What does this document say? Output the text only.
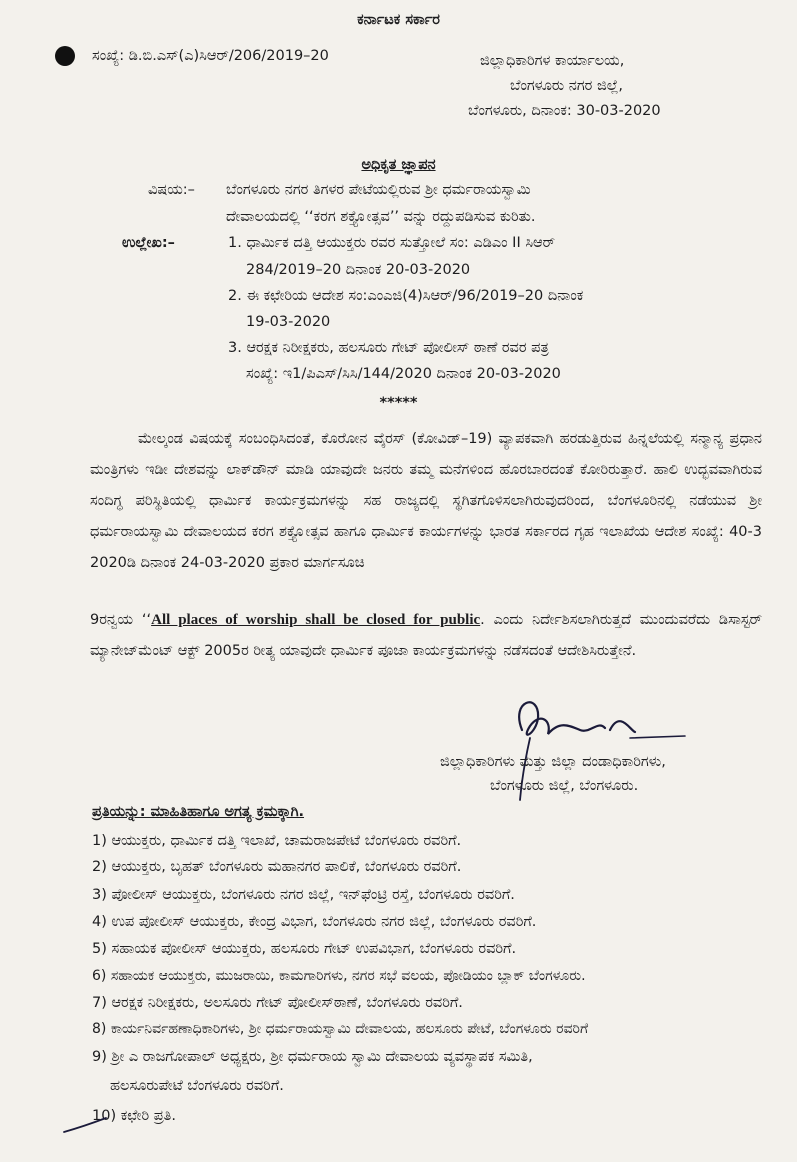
ಕರ್ನಾಟಕ ಸರ್ಕಾರ
ಸಂಖ್ಯೆ: ಡಿ.ಬಿ.ಎಸ್(ಎ)ಸಿಆರ್/206/2019–20	ಜಿಲ್ಲಾಧಿಕಾರಿಗಳ ಕಾರ್ಯಾಲಯ,
ಬೆಂಗಳೂರು ನಗರ ಜಿಲ್ಲೆ,
ಬೆಂಗಳೂರು, ದಿನಾಂಕ: 30-03-2020
ಅಧಿಕೃತ ಜ್ಞಾಪನ
ವಿಷಯ:– ಬೆಂಗಳೂರು ನಗರ ತಿಗಳರ ಪೇಟೆಯಲ್ಲಿರುವ ಶ್ರೀ ಧರ್ಮರಾಯಸ್ವಾಮಿ
ದೇವಾಲಯದಲ್ಲಿ ‘‘ಕರಗ ಶಕ್ತ್ಯೋತ್ಸವ’’ ವನ್ನು ರದ್ದುಪಡಿಸುವ ಕುರಿತು.
ಉಲ್ಲೇಖ:–	1. ಧಾರ್ಮಿಕ ದತ್ತಿ ಆಯುಕ್ತರು ರವರ ಸುತ್ತೋಲೆ ಸಂ: ಎಡಿಎಂ II ಸಿಆರ್
284/2019–20 ದಿನಾಂಕ 20-03-2020
2. ಈ ಕಛೇರಿಯ ಆದೇಶ ಸಂ:ಎಂಎಜಿ(4)ಸಿಆರ್/96/2019–20 ದಿನಾಂಕ
19-03-2020
3. ಆರಕ್ಷಕ ನಿರೀಕ್ಷಕರು, ಹಲಸೂರು ಗೇಟ್ ಪೋಲೀಸ್ ಠಾಣೆ ರವರ ಪತ್ರ
ಸಂಖ್ಯೆ: ಇ1/ಪಿಎಸ್/ಸಿಸಿ/144/2020 ದಿನಾಂಕ 20-03-2020
*****
ಮೇಲ್ಕಂಡ ವಿಷಯಕ್ಕೆ ಸಂಬಂಧಿಸಿದಂತೆ, ಕೊರೋನ ವೈರಸ್ (ಕೋವಿಡ್–19) ವ್ಯಾಪಕವಾಗಿ ಹರಡುತ್ತಿರುವ ಹಿನ್ನಲೆಯಲ್ಲಿ ಸನ್ಮಾನ್ಯ ಪ್ರಧಾನ ಮಂತ್ರಿಗಳು ಇಡೀ ದೇಶವನ್ನು ಲಾಕ್‌ಡೌನ್ ಮಾಡಿ ಯಾವುದೇ ಜನರು ತಮ್ಮ ಮನೆಗಳಿಂದ ಹೊರಬಾರದಂತೆ ಕೋರಿರುತ್ತಾರೆ. ಹಾಲಿ ಉದ್ಭವವಾಗಿರುವ ಸಂದಿಗ್ಧ ಪರಿಸ್ಥಿತಿಯಲ್ಲಿ ಧಾರ್ಮಿಕ ಕಾರ್ಯಕ್ರಮಗಳನ್ನು ಸಹ ರಾಜ್ಯದಲ್ಲಿ ಸ್ಥಗಿತಗೊಳಿಸಲಾಗಿರುವುದರಿಂದ, ಬೆಂಗಳೂರಿನಲ್ಲಿ ನಡೆಯುವ ಶ್ರೀ ಧರ್ಮರಾಯಸ್ವಾಮಿ ದೇವಾಲಯದ ಕರಗ ಶಕ್ತ್ಯೋತ್ಸವ ಹಾಗೂ ಧಾರ್ಮಿಕ ಕಾರ್ಯಗಳನ್ನು ಭಾರತ ಸರ್ಕಾರದ ಗೃಹ ಇಲಾಖೆಯ ಆದೇಶ ಸಂಖ್ಯೆ: 40-3 2020ಡಿ ದಿನಾಂಕ 24-03-2020 ಪ್ರಕಾರ ಮಾರ್ಗಸೂಚಿ
9ರನ್ವಯ ‘‘All places of worship shall be closed for public. ಎಂದು ನಿರ್ದೇಶಿಸಲಾಗಿರುತ್ತದೆ ಮುಂದುವರೆದು ಡಿಸಾಸ್ಟರ್ ಮ್ಯಾನೇಜ್‌ಮೆಂಟ್ ಆಕ್ಟ್ 2005ರ ರೀತ್ಯ ಯಾವುದೇ ಧಾರ್ಮಿಕ ಪೂಜಾ ಕಾರ್ಯಕ್ರಮಗಳನ್ನು ನಡೆಸದಂತೆ ಆದೇಶಿಸಿರುತ್ತೇನೆ.
ಜಿಲ್ಲಾಧಿಕಾರಿಗಳು ಮತ್ತು ಜಿಲ್ಲಾ ದಂಡಾಧಿಕಾರಿಗಳು,
ಬೆಂಗಳೂರು ಜಿಲ್ಲೆ, ಬೆಂಗಳೂರು.
ಪ್ರತಿಯನ್ನು: ಮಾಹಿತಿಹಾಗೂ ಅಗತ್ಯ ಕ್ರಮಕ್ಕಾಗಿ.
1) ಆಯುಕ್ತರು, ಧಾರ್ಮಿಕ ದತ್ತಿ ಇಲಾಖೆ, ಚಾಮರಾಜಪೇಟೆ ಬೆಂಗಳೂರು ರವರಿಗೆ.
2) ಆಯುಕ್ತರು, ಬೃಹತ್ ಬೆಂಗಳೂರು ಮಹಾನಗರ ಪಾಲಿಕೆ, ಬೆಂಗಳೂರು ರವರಿಗೆ.
3) ಪೋಲೀಸ್ ಆಯುಕ್ತರು, ಬೆಂಗಳೂರು ನಗರ ಜಿಲ್ಲೆ, ಇನ್‌ಫೆಂಟ್ರಿ ರಸ್ತೆ, ಬೆಂಗಳೂರು ರವರಿಗೆ.
4) ಉಪ ಪೋಲೀಸ್ ಆಯುಕ್ತರು, ಕೇಂದ್ರ ವಿಭಾಗ, ಬೆಂಗಳೂರು ನಗರ ಜಿಲ್ಲೆ, ಬೆಂಗಳೂರು ರವರಿಗೆ.
5) ಸಹಾಯಕ ಪೋಲೀಸ್ ಆಯುಕ್ತರು, ಹಲಸೂರು ಗೇಟ್ ಉಪವಿಭಾಗ, ಬೆಂಗಳೂರು ರವರಿಗೆ.
6) ಸಹಾಯಕ ಆಯುಕ್ತರು, ಮುಜರಾಯಿ, ಕಾಮಗಾರಿಗಳು, ನಗರ ಸಭೆ ವಲಯ, ಪೋಡಿಯಂ ಬ್ಲಾಕ್ ಬೆಂಗಳೂರು.
7) ಆರಕ್ಷಕ ನಿರೀಕ್ಷಕರು, ಅಲಸೂರು ಗೇಟ್ ಪೋಲೀಸ್‌ಠಾಣೆ, ಬೆಂಗಳೂರು ರವರಿಗೆ.
8) ಕಾರ್ಯನಿರ್ವಹಣಾಧಿಕಾರಿಗಳು, ಶ್ರೀ ಧರ್ಮರಾಯಸ್ವಾಮಿ ದೇವಾಲಯ, ಹಲಸೂರು ಪೇಟೆ, ಬೆಂಗಳೂರು ರವರಿಗೆ
9) ಶ್ರೀ ಎ ರಾಜಗೋಪಾಲ್ ಅಧ್ಯಕ್ಷರು, ಶ್ರೀ ಧರ್ಮರಾಯ ಸ್ವಾಮಿ ದೇವಾಲಯ ವ್ಯವಸ್ಥಾಪಕ ಸಮಿತಿ,
ಹಲಸೂರುಪೇಟೆ ಬೆಂಗಳೂರು ರವರಿಗೆ.
10) ಕಛೇರಿ ಪ್ರತಿ.
